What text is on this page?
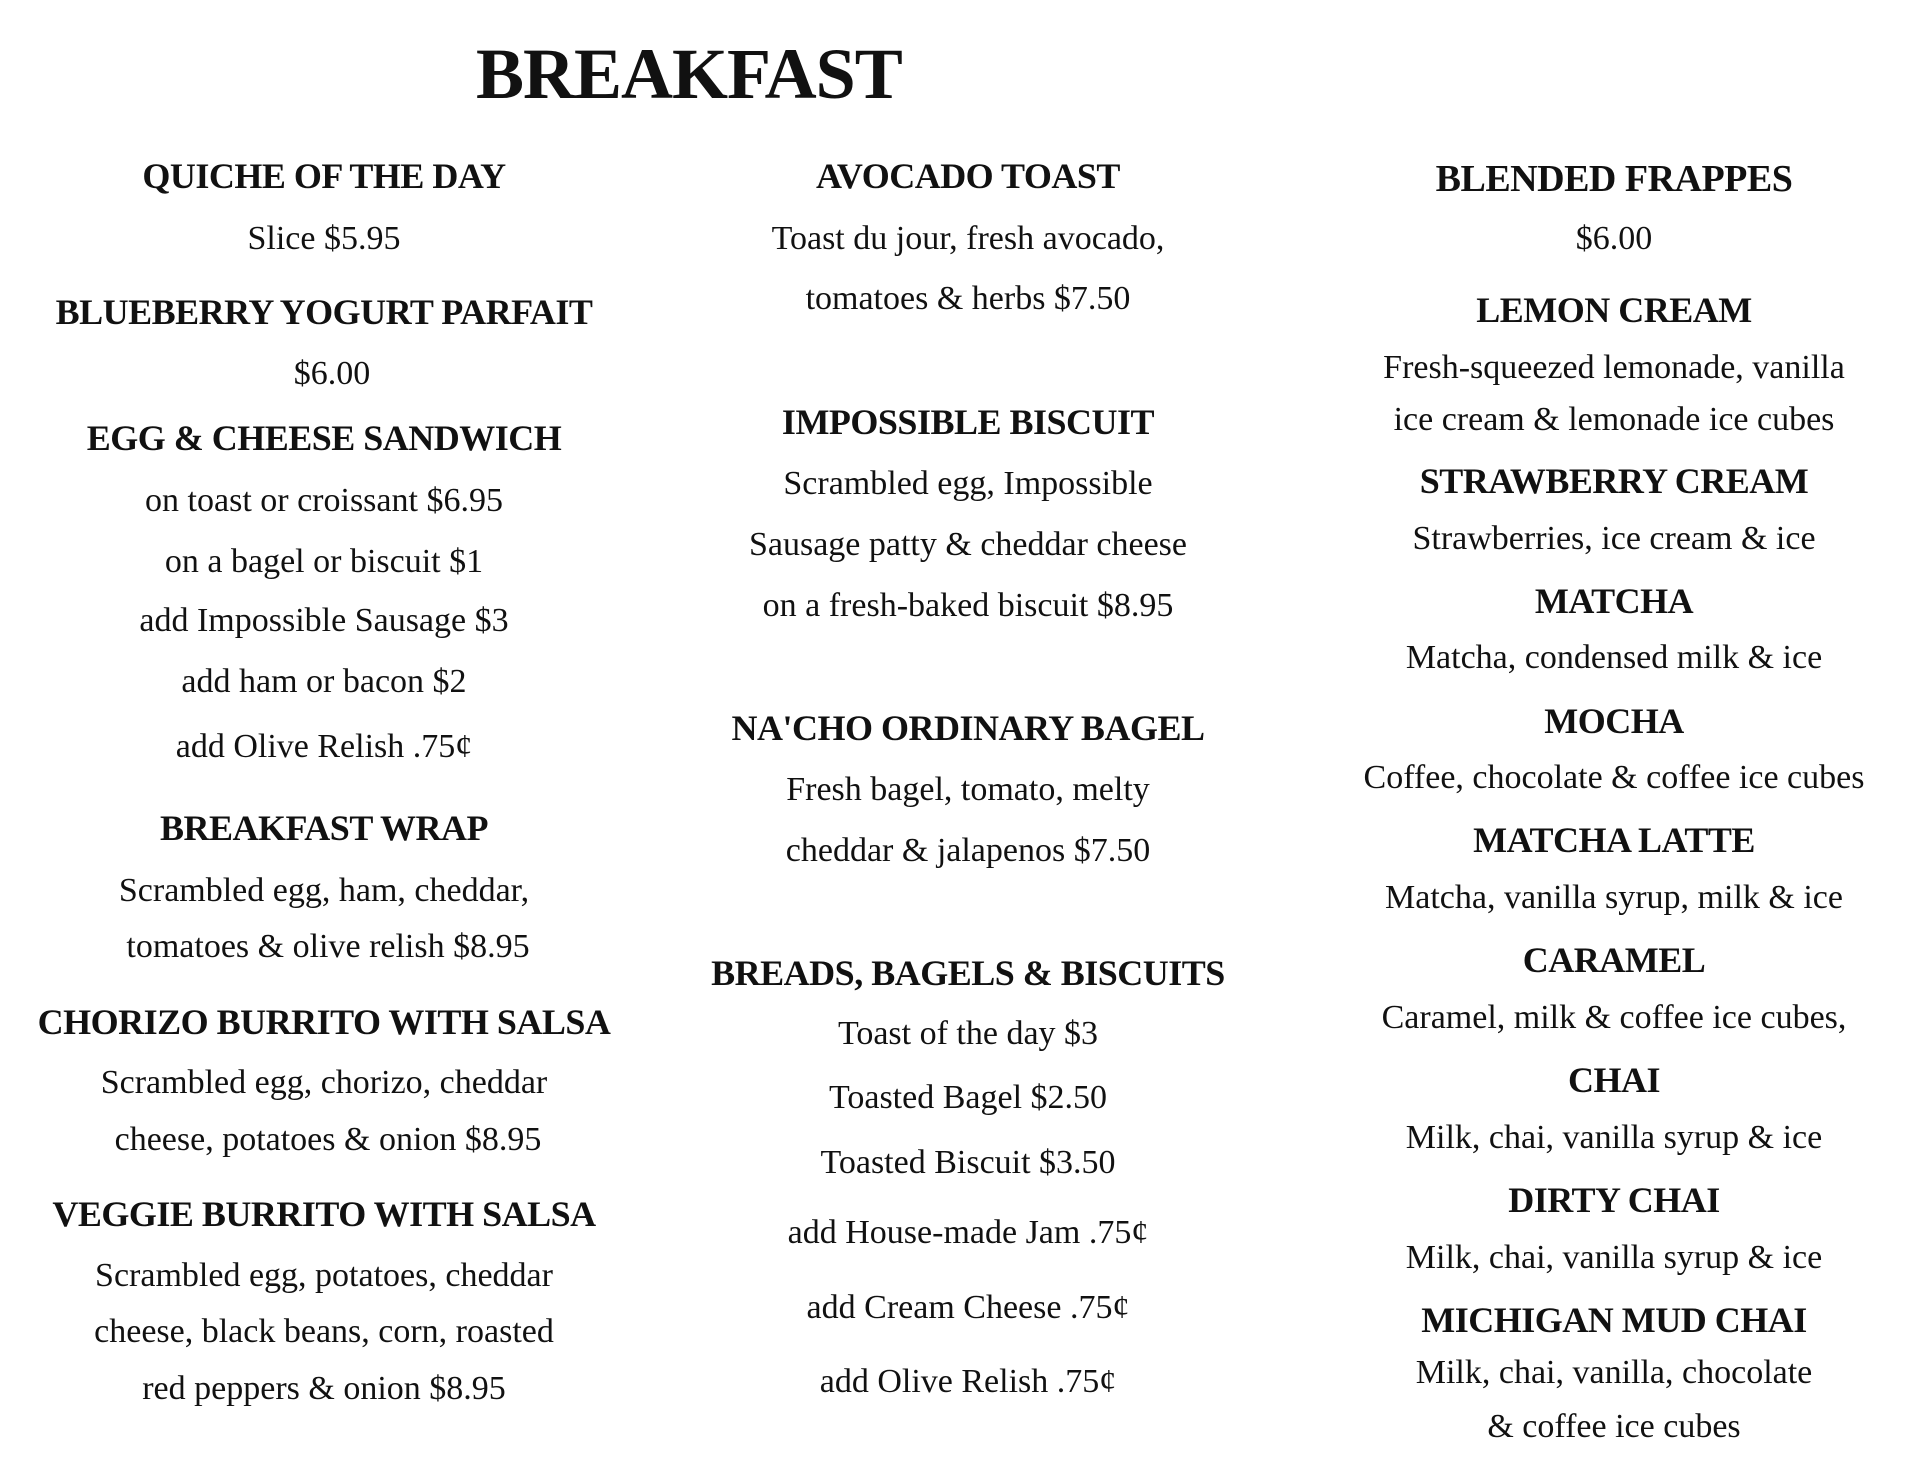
BREAKFAST
QUICHE OF THE DAY
Slice $5.95
BLUEBERRY YOGURT PARFAIT
$6.00
EGG & CHEESE SANDWICH
on toast or croissant $6.95
on a bagel or biscuit $1
add Impossible Sausage $3
add ham or bacon $2
add Olive Relish .75¢
BREAKFAST WRAP
Scrambled egg, ham, cheddar,
tomatoes & olive relish $8.95
CHORIZO BURRITO WITH SALSA
Scrambled egg, chorizo, cheddar
cheese, potatoes & onion $8.95
VEGGIE BURRITO WITH SALSA
Scrambled egg, potatoes, cheddar
cheese, black beans, corn, roasted
red peppers & onion $8.95
AVOCADO TOAST
Toast du jour, fresh avocado,
tomatoes & herbs $7.50
IMPOSSIBLE BISCUIT
Scrambled egg, Impossible
Sausage patty & cheddar cheese
on a fresh-baked biscuit $8.95
NA'CHO ORDINARY BAGEL
Fresh bagel, tomato, melty
cheddar & jalapenos $7.50
BREADS, BAGELS & BISCUITS
Toast of the day $3
Toasted Bagel $2.50
Toasted Biscuit $3.50
add House-made Jam .75¢
add Cream Cheese .75¢
add Olive Relish .75¢
BLENDED FRAPPES
$6.00
LEMON CREAM
Fresh-squeezed lemonade, vanilla
ice cream & lemonade ice cubes
STRAWBERRY CREAM
Strawberries, ice cream & ice
MATCHA
Matcha, condensed milk & ice
MOCHA
Coffee, chocolate & coffee ice cubes
MATCHA LATTE
Matcha, vanilla syrup, milk & ice
CARAMEL
Caramel, milk & coffee ice cubes,
CHAI
Milk, chai, vanilla syrup & ice
DIRTY CHAI
Milk, chai, vanilla syrup & ice
MICHIGAN MUD CHAI
Milk, chai, vanilla, chocolate
& coffee ice cubes
